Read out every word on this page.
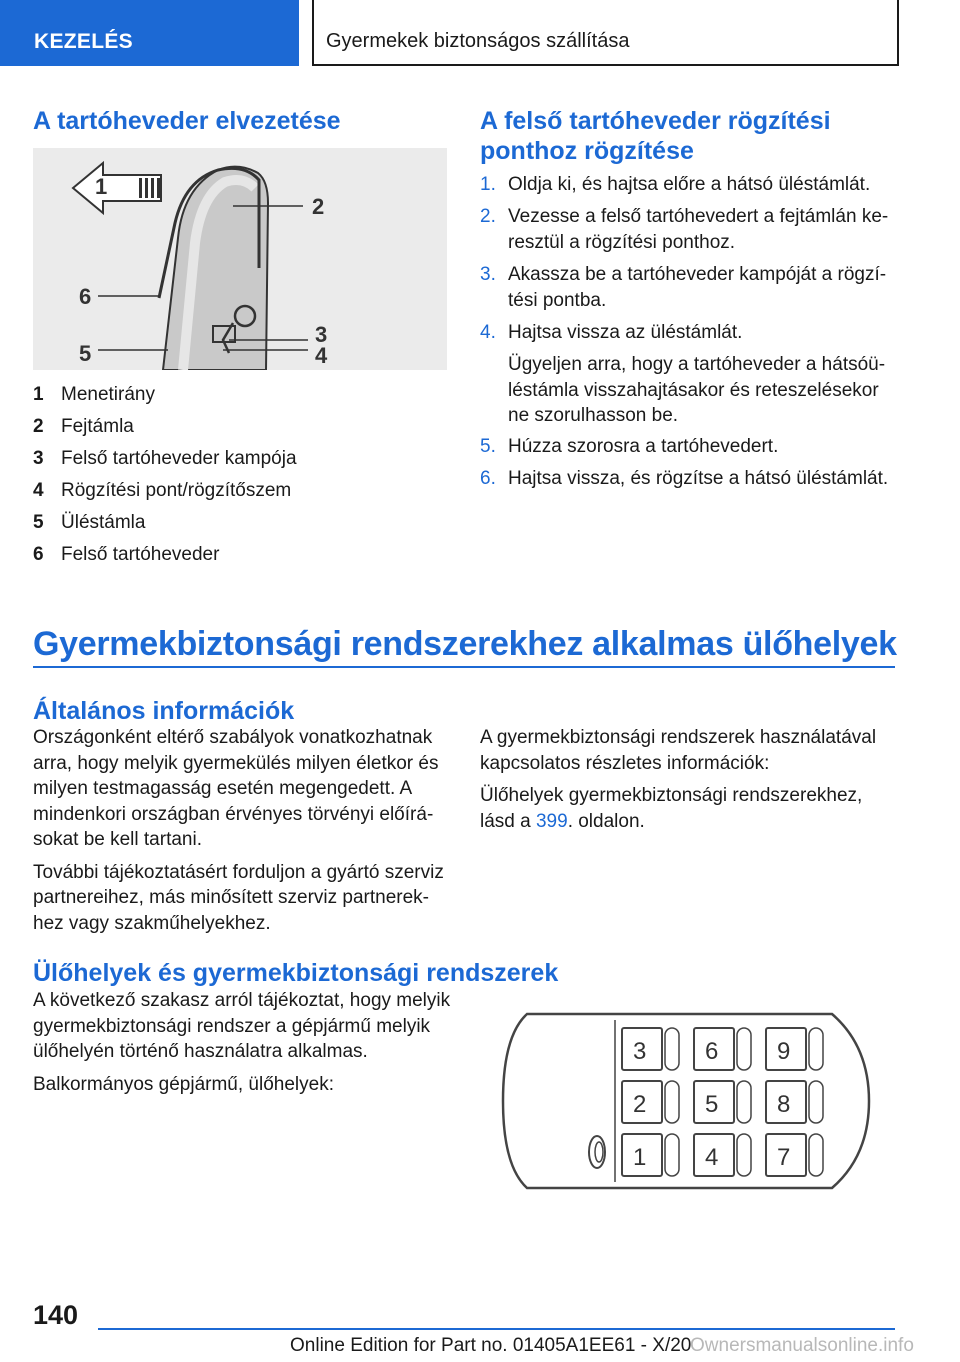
KEZELÉS	Gyermekek biztonságos szállítása
A tartóheveder elvezetése
1
2
3
4
5
6
1 Menetirány
2 Fejtámla
3 Felső tartóheveder kampója
4 Rögzítési pont/rögzítőszem
5 Üléstámla
6 Felső tartóheveder
A felső tartóheveder rögzítési
ponthoz rögzítése
1. Oldja ki, és hajtsa előre a hátsó üléstámlát.
2. Vezesse a felső tartóhevedert a fejtámlán keresztül a rögzítési ponthoz.
3. Akassza be a tartóheveder kampóját a rögzítési pontba.
4. Hajtsa vissza az üléstámlát.
Ügyeljen arra, hogy a tartóheveder a hátsóüléstámla visszahajtásakor és reteszelésekor ne szorulhasson be.
5. Húzza szorosra a tartóhevedert.
6. Hajtsa vissza, és rögzítse a hátsó üléstámlát.
Gyermekbiztonsági rendszerekhez alkalmas ülőhelyek
Általános információk

Országonként eltérő szabályok vonatkozhatnak arra, hogy melyik gyermekülés milyen életkor és milyen testmagasság esetén megengedett. A mindenkori országban érvényes törvényi előírásokat be kell tartani.

További tájékoztatásért forduljon a gyártó szerviz partnereihez, más minősített szerviz partnerekhez vagy szakműhelyekhez.

A gyermekbiztonsági rendszerek használatával kapcsolatos részletes információk:

Ülőhelyek gyermekbiztonsági rendszerekhez, lásd a 399. oldalon.

Ülőhelyek és gyermekbiztonsági rendszerek

A következő szakasz arról tájékoztat, hogy melyik gyermekbiztonsági rendszer a gépjármű melyik ülőhelyén történő használatra alkalmas.

Balkormányos gépjármű, ülőhelyek:

3 6 9
2 5 8
1 4 7
140
Online Edition for Part no. 01405A1EE61 - X/20
Ownersmanualsonline.info
